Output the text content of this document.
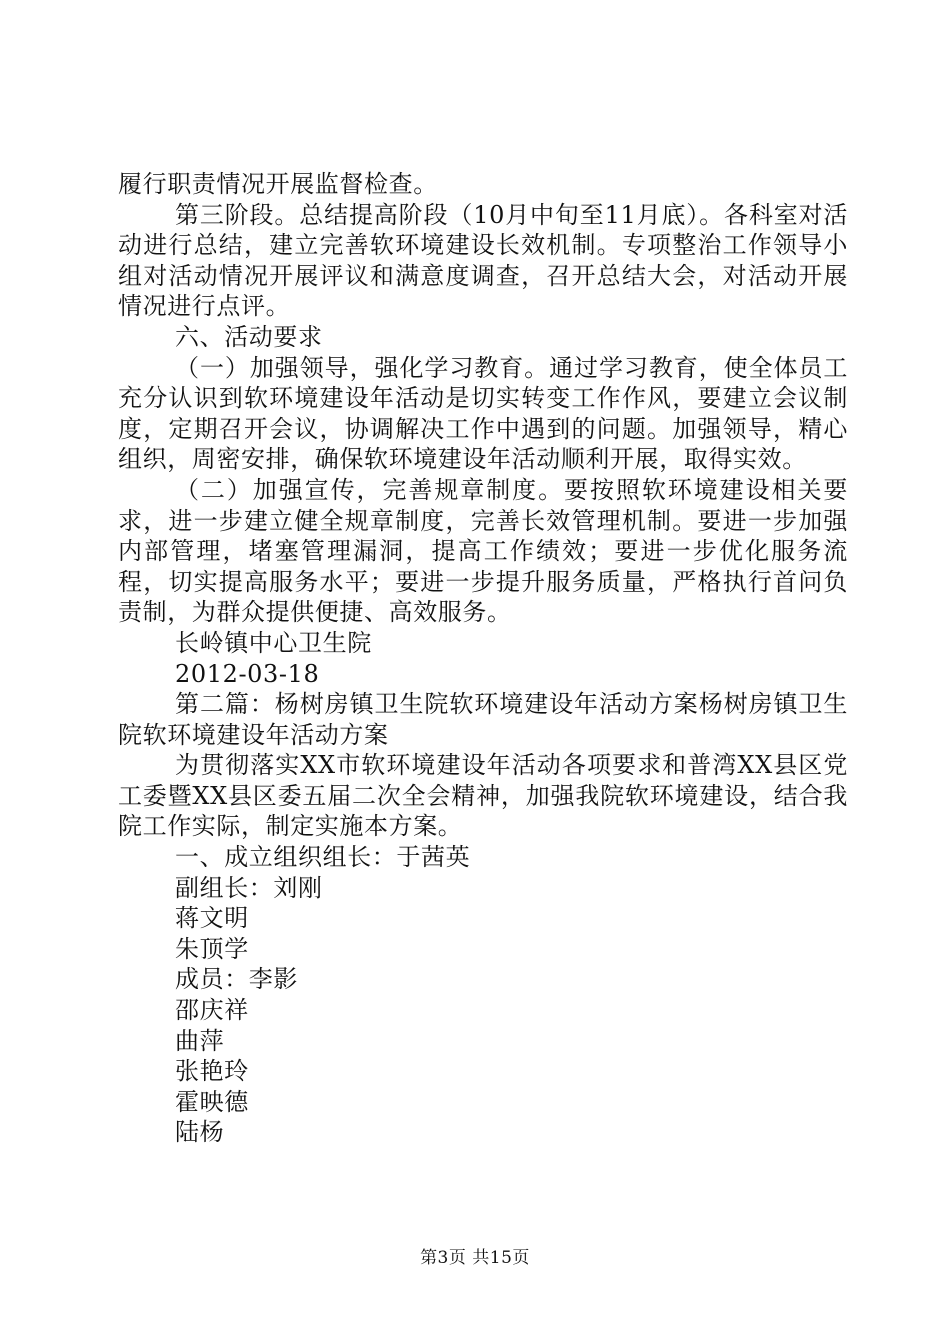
履行职责情况开展监督检查。

第三阶段。总结提高阶段（10月中旬至11月底）。各科室对活动进行总结，建立完善软环境建设长效机制。专项整治工作领导小组对活动情况开展评议和满意度调查，召开总结大会，对活动开展情况进行点评。

六、活动要求

（一）加强领导，强化学习教育。通过学习教育，使全体员工充分认识到软环境建设年活动是切实转变工作作风，要建立会议制度，定期召开会议，协调解决工作中遇到的问题。加强领导，精心组织，周密安排，确保软环境建设年活动顺利开展，取得实效。

（二）加强宣传，完善规章制度。要按照软环境建设相关要求，进一步建立健全规章制度，完善长效管理机制。要进一步加强内部管理，堵塞管理漏洞，提高工作绩效；要进一步优化服务流程，切实提高服务水平；要进一步提升服务质量，严格执行首问负责制，为群众提供便捷、高效服务。

长岭镇中心卫生院

2012-03-18

第二篇：杨树房镇卫生院软环境建设年活动方案杨树房镇卫生院软环境建设年活动方案

为贯彻落实XX市软环境建设年活动各项要求和普湾XX县区党工委暨XX县区委五届二次全会精神，加强我院软环境建设，结合我院工作实际，制定实施本方案。

一、成立组织组长：于茜英

副组长：刘刚

蒋文明

朱顶学

成员：李影

邵庆祥

曲萍

张艳玲

霍映德

陆杨

第3页 共15页
